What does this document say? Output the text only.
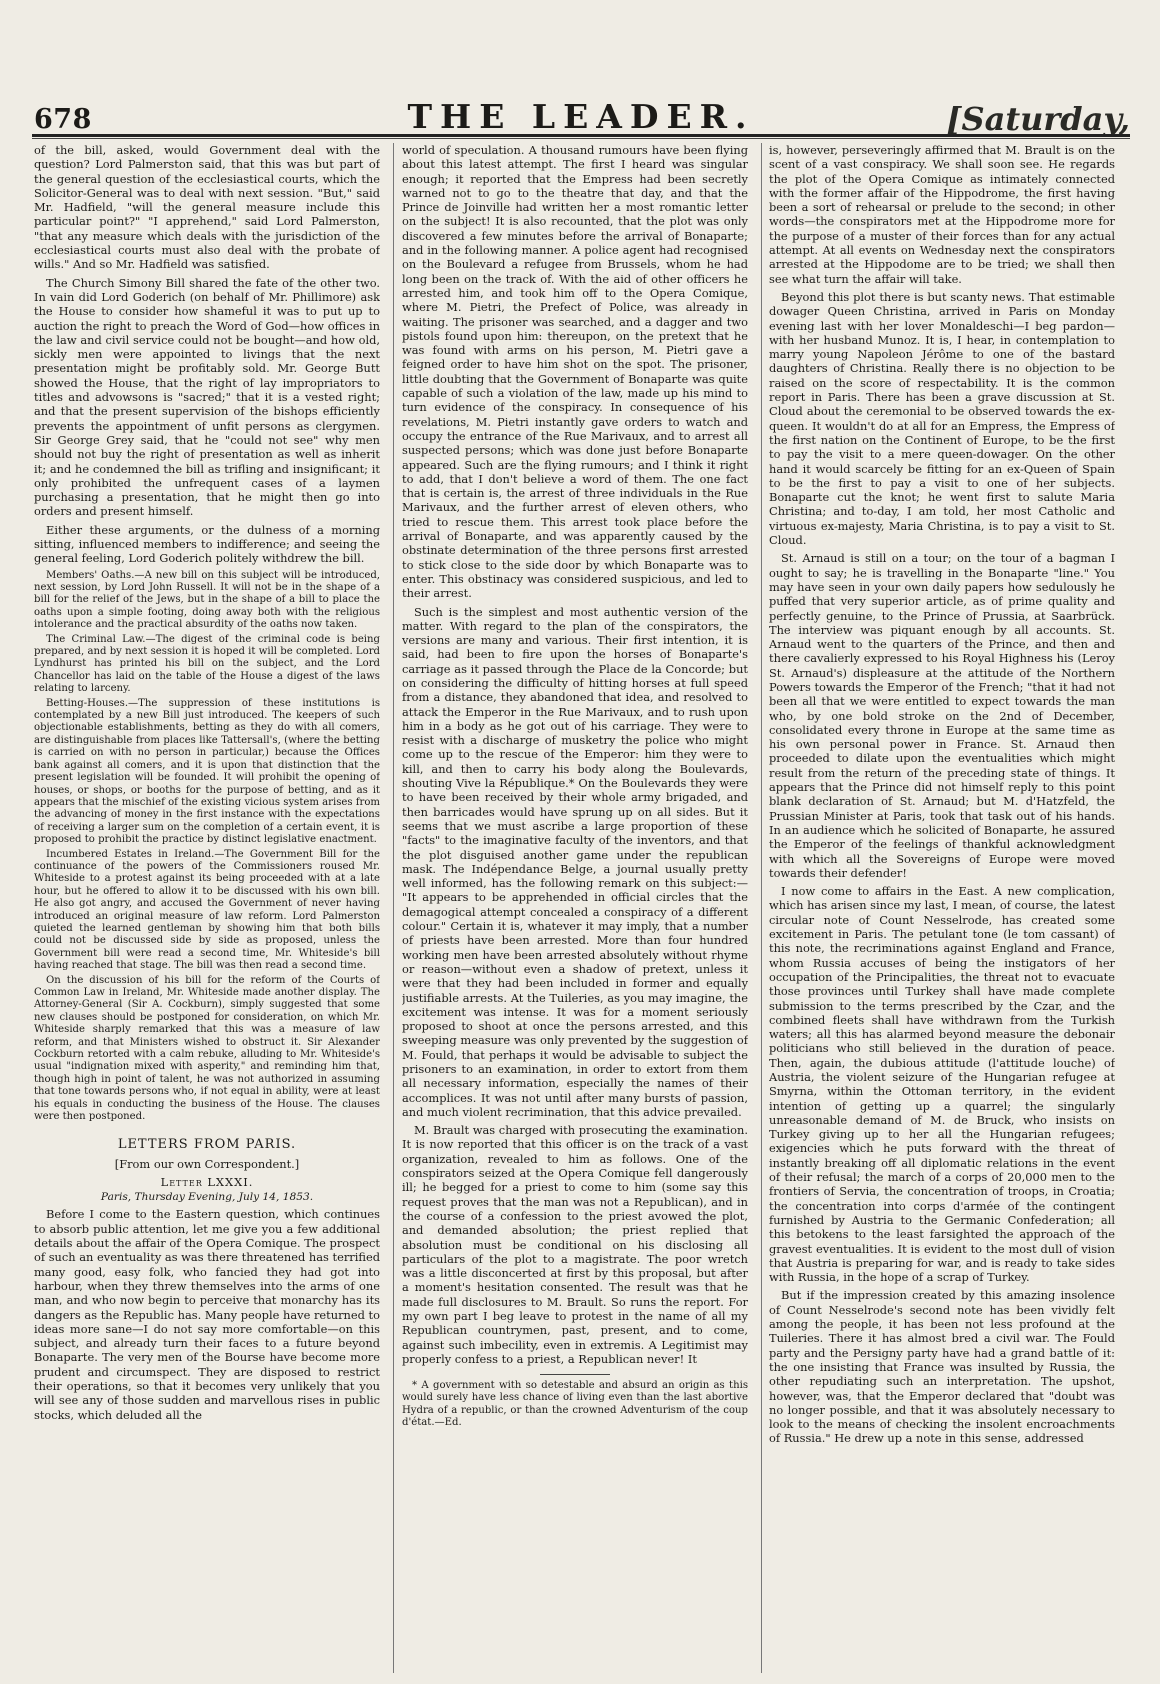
678	THE LEADER.	[Saturday,

of the bill, asked, would Government deal with the question? Lord Palmerston said, that this was but part of the general question of the ecclesiastical courts, which the Solicitor-General was to deal with next session. "But," said Mr. Hadfield, "will the general measure include this particular point?" "I apprehend," said Lord Palmerston, "that any measure which deals with the jurisdiction of the ecclesiastical courts must also deal with the probate of wills." And so Mr. Hadfield was satisfied.

The Church Simony Bill shared the fate of the other two. In vain did Lord Goderich (on behalf of Mr. Phillimore) ask the House to consider how shameful it was to put up to auction the right to preach the Word of God—how offices in the law and civil service could not be bought—and how old, sickly men were appointed to livings that the next presentation might be profitably sold. Mr. George Butt showed the House, that the right of lay impropriators to titles and advowsons is "sacred;" that it is a vested right; and that the present supervision of the bishops efficiently prevents the appointment of unfit persons as clergymen. Sir George Grey said, that he "could not see" why men should not buy the right of presentation as well as inherit it; and he condemned the bill as trifling and insignificant; it only prohibited the unfrequent cases of a laymen purchasing a presentation, that he might then go into orders and present himself.

Either these arguments, or the dulness of a morning sitting, influenced members to indifference; and seeing the general feeling, Lord Goderich politely withdrew the bill.

Members' Oaths.—A new bill on this subject will be introduced, next session, by Lord John Russell. It will not be in the shape of a bill for the relief of the Jews, but in the shape of a bill to place the oaths upon a simple footing, doing away both with the religious intolerance and the practical absurdity of the oaths now taken.

The Criminal Law.—The digest of the criminal code is being prepared, and by next session it is hoped it will be completed. Lord Lyndhurst has printed his bill on the subject, and the Lord Chancellor has laid on the table of the House a digest of the laws relating to larceny.

Betting-Houses.—The suppression of these institutions is contemplated by a new Bill just introduced. The keepers of such objectionable establishments, betting as they do with all comers, are distinguishable from places like Tattersall's, (where the betting is carried on with no person in particular,) because the Offices bank against all comers, and it is upon that distinction that the present legislation will be founded. It will prohibit the opening of houses, or shops, or booths for the purpose of betting, and as it appears that the mischief of the existing vicious system arises from the advancing of money in the first instance with the expectations of receiving a larger sum on the completion of a certain event, it is proposed to prohibit the practice by distinct legislative enactment.

Incumbered Estates in Ireland.—The Government Bill for the continuance of the powers of the Commissioners roused Mr. Whiteside to a protest against its being proceeded with at a late hour, but he offered to allow it to be discussed with his own bill. He also got angry, and accused the Government of never having introduced an original measure of law reform. Lord Palmerston quieted the learned gentleman by showing him that both bills could not be discussed side by side as proposed, unless the Government bill were read a second time, Mr. Whiteside's bill having reached that stage. The bill was then read a second time.

On the discussion of his bill for the reform of the Courts of Common Law in Ireland, Mr. Whiteside made another display. The Attorney-General (Sir A. Cockburn), simply suggested that some new clauses should be postponed for consideration, on which Mr. Whiteside sharply remarked that this was a measure of law reform, and that Ministers wished to obstruct it. Sir Alexander Cockburn retorted with a calm rebuke, alluding to Mr. Whiteside's usual "indignation mixed with asperity," and reminding him that, though high in point of talent, he was not authorized in assuming that tone towards persons who, if not equal in ability, were at least his equals in conducting the business of the House. The clauses were then postponed.

LETTERS FROM PARIS.
[From our own Correspondent.]
Letter LXXXI.
Paris, Thursday Evening, July 14, 1853.

Before I come to the Eastern question, which continues to absorb public attention, let me give you a few additional details about the affair of the Opera Comique. The prospect of such an eventuality as was there threatened has terrified many good, easy folk, who fancied they had got into harbour, when they threw themselves into the arms of one man, and who now begin to perceive that monarchy has its dangers as the Republic has. Many people have returned to ideas more sane—I do not say more comfortable—on this subject, and already turn their faces to a future beyond Bonaparte. The very men of the Bourse have become more prudent and circumspect. They are disposed to restrict their operations, so that it becomes very unlikely that you will see any of those sudden and marvellous rises in public stocks, which deluded all the

world of speculation. A thousand rumours have been flying about this latest attempt. The first I heard was singular enough; it reported that the Empress had been secretly warned not to go to the theatre that day, and that the Prince de Joinville had written her a most romantic letter on the subject! It is also recounted, that the plot was only discovered a few minutes before the arrival of Bonaparte; and in the following manner. A police agent had recognised on the Boulevard a refugee from Brussels, whom he had long been on the track of. With the aid of other officers he arrested him, and took him off to the Opera Comique, where M. Pietri, the Prefect of Police, was already in waiting. The prisoner was searched, and a dagger and two pistols found upon him: thereupon, on the pretext that he was found with arms on his person, M. Pietri gave a feigned order to have him shot on the spot. The prisoner, little doubting that the Government of Bonaparte was quite capable of such a violation of the law, made up his mind to turn evidence of the conspiracy. In consequence of his revelations, M. Pietri instantly gave orders to watch and occupy the entrance of the Rue Marivaux, and to arrest all suspected persons; which was done just before Bonaparte appeared. Such are the flying rumours; and I think it right to add, that I don't believe a word of them. The one fact that is certain is, the arrest of three individuals in the Rue Marivaux, and the further arrest of eleven others, who tried to rescue them. This arrest took place before the arrival of Bonaparte, and was apparently caused by the obstinate determination of the three persons first arrested to stick close to the side door by which Bonaparte was to enter. This obstinacy was considered suspicious, and led to their arrest.

Such is the simplest and most authentic version of the matter. With regard to the plan of the conspirators, the versions are many and various. Their first intention, it is said, had been to fire upon the horses of Bonaparte's carriage as it passed through the Place de la Concorde; but on considering the difficulty of hitting horses at full speed from a distance, they abandoned that idea, and resolved to attack the Emperor in the Rue Marivaux, and to rush upon him in a body as he got out of his carriage. They were to resist with a discharge of musketry the police who might come up to the rescue of the Emperor: him they were to kill, and then to carry his body along the Boulevards, shouting Vive la République.* On the Boulevards they were to have been received by their whole army brigaded, and then barricades would have sprung up on all sides. But it seems that we must ascribe a large proportion of these "facts" to the imaginative faculty of the inventors, and that the plot disguised another game under the republican mask. The Indépendance Belge, a journal usually pretty well informed, has the following remark on this subject:— "It appears to be apprehended in official circles that the demagogical attempt concealed a conspiracy of a different colour." Certain it is, whatever it may imply, that a number of priests have been arrested. More than four hundred working men have been arrested absolutely without rhyme or reason—without even a shadow of pretext, unless it were that they had been included in former and equally justifiable arrests. At the Tuileries, as you may imagine, the excitement was intense. It was for a moment seriously proposed to shoot at once the persons arrested, and this sweeping measure was only prevented by the suggestion of M. Fould, that perhaps it would be advisable to subject the prisoners to an examination, in order to extort from them all necessary information, especially the names of their accomplices. It was not until after many bursts of passion, and much violent recrimination, that this advice prevailed.

M. Brault was charged with prosecuting the examination. It is now reported that this officer is on the track of a vast organization, revealed to him as follows. One of the conspirators seized at the Opera Comique fell dangerously ill; he begged for a priest to come to him (some say this request proves that the man was not a Republican), and in the course of a confession to the priest avowed the plot, and demanded absolution; the priest replied that absolution must be conditional on his disclosing all particulars of the plot to a magistrate. The poor wretch was a little disconcerted at first by this proposal, but after a moment's hesitation consented. The result was that he made full disclosures to M. Brault. So runs the report. For my own part I beg leave to protest in the name of all my Republican countrymen, past, present, and to come, against such imbecility, even in extremis. A Legitimist may properly confess to a priest, a Republican never! It

* A government with so detestable and absurd an origin as this would surely have less chance of living even than the last abortive Hydra of a republic, or than the crowned Adventurism of the coup d'état.—Ed.

is, however, perseveringly affirmed that M. Brault is on the scent of a vast conspiracy. We shall soon see. He regards the plot of the Opera Comique as intimately connected with the former affair of the Hippodrome, the first having been a sort of rehearsal or prelude to the second; in other words—the conspirators met at the Hippodrome more for the purpose of a muster of their forces than for any actual attempt. At all events on Wednesday next the conspirators arrested at the Hippodome are to be tried; we shall then see what turn the affair will take.

Beyond this plot there is but scanty news. That estimable dowager Queen Christina, arrived in Paris on Monday evening last with her lover Monaldeschi—I beg pardon—with her husband Munoz. It is, I hear, in contemplation to marry young Napoleon Jérôme to one of the bastard daughters of Christina. Really there is no objection to be raised on the score of respectability. It is the common report in Paris. There has been a grave discussion at St. Cloud about the ceremonial to be observed towards the ex-queen. It wouldn't do at all for an Empress, the Empress of the first nation on the Continent of Europe, to be the first to pay the visit to a mere queen-dowager. On the other hand it would scarcely be fitting for an ex-Queen of Spain to be the first to pay a visit to one of her subjects. Bonaparte cut the knot; he went first to salute Maria Christina; and to-day, I am told, her most Catholic and virtuous ex-majesty, Maria Christina, is to pay a visit to St. Cloud.

St. Arnaud is still on a tour; on the tour of a bagman I ought to say; he is travelling in the Bonaparte "line." You may have seen in your own daily papers how sedulously he puffed that very superior article, as of prime quality and perfectly genuine, to the Prince of Prussia, at Saarbrück. The interview was piquant enough by all accounts. St. Arnaud went to the quarters of the Prince, and then and there cavalierly expressed to his Royal Highness his (Leroy St. Arnaud's) displeasure at the attitude of the Northern Powers towards the Emperor of the French; "that it had not been all that we were entitled to expect towards the man who, by one bold stroke on the 2nd of December, consolidated every throne in Europe at the same time as his own personal power in France. St. Arnaud then proceeded to dilate upon the eventualities which might result from the return of the preceding state of things. It appears that the Prince did not himself reply to this point blank declaration of St. Arnaud; but M. d'Hatzfeld, the Prussian Minister at Paris, took that task out of his hands. In an audience which he solicited of Bonaparte, he assured the Emperor of the feelings of thankful acknowledgment with which all the Sovereigns of Europe were moved towards their defender!

I now come to affairs in the East. A new complication, which has arisen since my last, I mean, of course, the latest circular note of Count Nesselrode, has created some excitement in Paris. The petulant tone (le tom cassant) of this note, the recriminations against England and France, whom Russia accuses of being the instigators of her occupation of the Principalities, the threat not to evacuate those provinces until Turkey shall have made complete submission to the terms prescribed by the Czar, and the combined fleets shall have withdrawn from the Turkish waters; all this has alarmed beyond measure the debonair politicians who still believed in the duration of peace. Then, again, the dubious attitude (l'attitude louche) of Austria, the violent seizure of the Hungarian refugee at Smyrna, within the Ottoman territory, in the evident intention of getting up a quarrel; the singularly unreasonable demand of M. de Bruck, who insists on Turkey giving up to her all the Hungarian refugees; exigencies which he puts forward with the threat of instantly breaking off all diplomatic relations in the event of their refusal; the march of a corps of 20,000 men to the frontiers of Servia, the concentration of troops, in Croatia; the concentration into corps d'armée of the contingent furnished by Austria to the Germanic Confederation; all this betokens to the least farsighted the approach of the gravest eventualities. It is evident to the most dull of vision that Austria is preparing for war, and is ready to take sides with Russia, in the hope of a scrap of Turkey.

But if the impression created by this amazing insolence of Count Nesselrode's second note has been vividly felt among the people, it has been not less profound at the Tuileries. There it has almost bred a civil war. The Fould party and the Persigny party have had a grand battle of it: the one insisting that France was insulted by Russia, the other repudiating such an interpretation. The upshot, however, was, that the Emperor declared that "doubt was no longer possible, and that it was absolutely necessary to look to the means of checking the insolent encroachments of Russia." He drew up a note in this sense, addressed
